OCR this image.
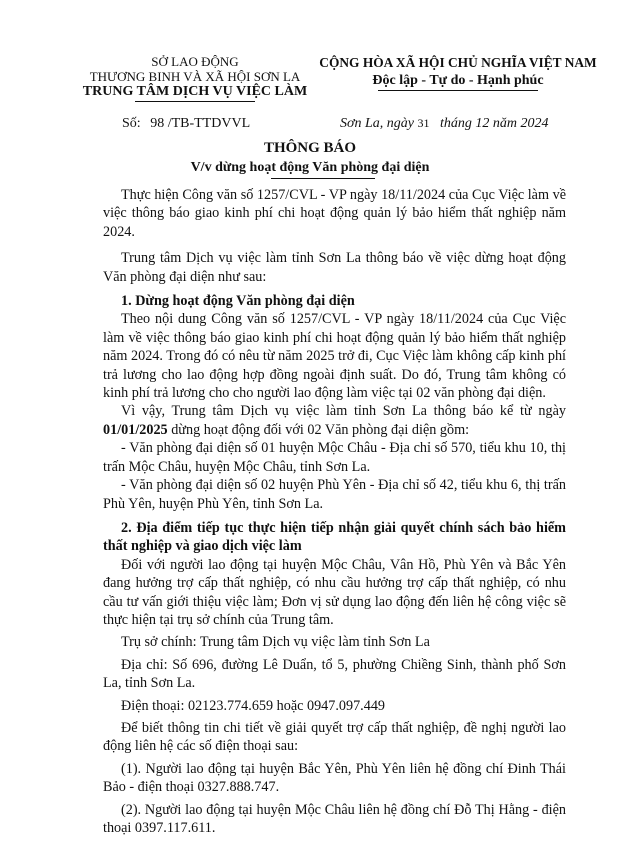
SỞ LAO ĐỘNG
THƯƠNG BINH VÀ XÃ HỘI SƠN LA
TRUNG TÂM DỊCH VỤ VIỆC LÀM
CỘNG HÒA XÃ HỘI CHỦ NGHĨA VIỆT NAM
Độc lập - Tự do - Hạnh phúc
Số: 98 /TB-TTDVVL	Sơn La, ngày 31 tháng 12 năm 2024
THÔNG BÁO
V/v dừng hoạt động Văn phòng đại diện

Thực hiện Công văn số 1257/CVL - VP ngày 18/11/2024 của Cục Việc làm về việc thông báo giao kinh phí chi hoạt động quản lý bảo hiểm thất nghiệp năm 2024.

Trung tâm Dịch vụ việc làm tỉnh Sơn La thông báo về việc dừng hoạt động Văn phòng đại diện như sau:

1. Dừng hoạt động Văn phòng đại diện

Theo nội dung Công văn số 1257/CVL - VP ngày 18/11/2024 của Cục Việc làm về việc thông báo giao kinh phí chi hoạt động quản lý bảo hiểm thất nghiệp năm 2024. Trong đó có nêu từ năm 2025 trở đi, Cục Việc làm không cấp kinh phí trả lương cho lao động hợp đồng ngoài định suất. Do đó, Trung tâm không có kinh phí trả lương cho cho người lao động làm việc tại 02 văn phòng đại diện.

Vì vậy, Trung tâm Dịch vụ việc làm tỉnh Sơn La thông báo kể từ ngày 01/01/2025 dừng hoạt động đối với 02 Văn phòng đại diện gồm:

- Văn phòng đại diện số 01 huyện Mộc Châu - Địa chỉ số 570, tiểu khu 10, thị trấn Mộc Châu, huyện Mộc Châu, tỉnh Sơn La.

- Văn phòng đại diện số 02 huyện Phù Yên - Địa chỉ số 42, tiểu khu 6, thị trấn Phù Yên, huyện Phù Yên, tỉnh Sơn La.

2. Địa điểm tiếp tục thực hiện tiếp nhận giải quyết chính sách bảo hiểm thất nghiệp và giao dịch việc làm

Đối với người lao động tại huyện Mộc Châu, Vân Hồ, Phù Yên và Bắc Yên đang hưởng trợ cấp thất nghiệp, có nhu cầu hưởng trợ cấp thất nghiệp, có nhu cầu tư vấn giới thiệu việc làm; Đơn vị sử dụng lao động đến liên hệ công việc sẽ thực hiện tại trụ sở chính của Trung tâm.

Trụ sở chính: Trung tâm Dịch vụ việc làm tỉnh Sơn La

Địa chỉ: Số 696, đường Lê Duẩn, tổ 5, phường Chiềng Sinh, thành phố Sơn La, tỉnh Sơn La.

Điện thoại: 02123.774.659 hoặc 0947.097.449

Để biết thông tin chi tiết về giải quyết trợ cấp thất nghiệp, đề nghị người lao động liên hệ các số điện thoại sau:

(1). Người lao động tại huyện Bắc Yên, Phù Yên liên hệ đồng chí Đinh Thái Bảo - điện thoại 0327.888.747.

(2). Người lao động tại huyện Mộc Châu liên hệ đồng chí Đỗ Thị Hằng - điện thoại 0397.117.611.
